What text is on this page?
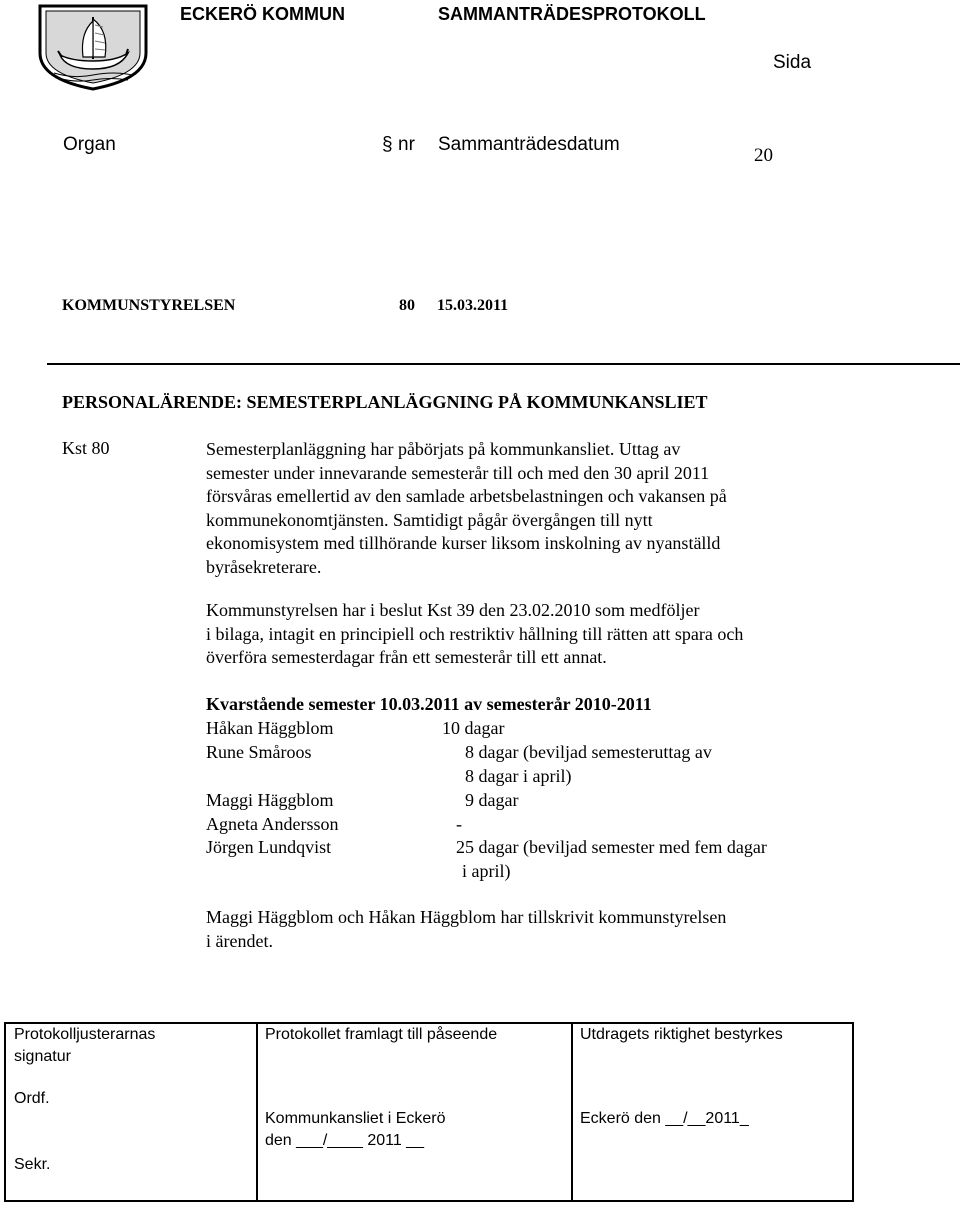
ECKERÖ KOMMUN	SAMMANTRÄDESPROTOKOLL
Sida
Organ	§ nr Sammanträdesdatum
20
KOMMUNSTYRELSEN	80 15.03.2011
PERSONALÄRENDE: SEMESTERPLANLÄGGNING PÅ KOMMUNKANSLIET
Kst 80	Semesterplanläggning har påbörjats på kommunkansliet. Uttag av
semester under innevarande semesterår till och med den 30 april 2011
försvåras emellertid av den samlade arbetsbelastningen och vakansen på
kommunekonomtjänsten. Samtidigt pågår övergången till nytt
ekonomisystem med tillhörande kurser liksom inskolning av nyanställd
byråsekreterare.
Kommunstyrelsen har i beslut Kst 39 den 23.02.2010 som medföljer
i bilaga, intagit en principiell och restriktiv hållning till rätten att spara och
överföra semesterdagar från ett semesterår till ett annat.
Kvarstående semester 10.03.2011 av semesterår 2010-2011
Håkan Häggblom	10 dagar
Rune Småroos	8 dagar (beviljad semesteruttag av
8 dagar i april)
Maggi Häggblom	9 dagar
Agneta Andersson	-
Jörgen Lundqvist	25 dagar (beviljad semester med fem dagar
i april)
Maggi Häggblom och Håkan Häggblom har tillskrivit kommunstyrelsen
i ärendet.
Protokolljusterarnas
signatur
Ordf.
Sekr.
Protokollet framlagt till påseende
Kommunkansliet i Eckerö
den ___/____ 2011 __
Utdragets riktighet bestyrkes
Eckerö den __/__2011_
